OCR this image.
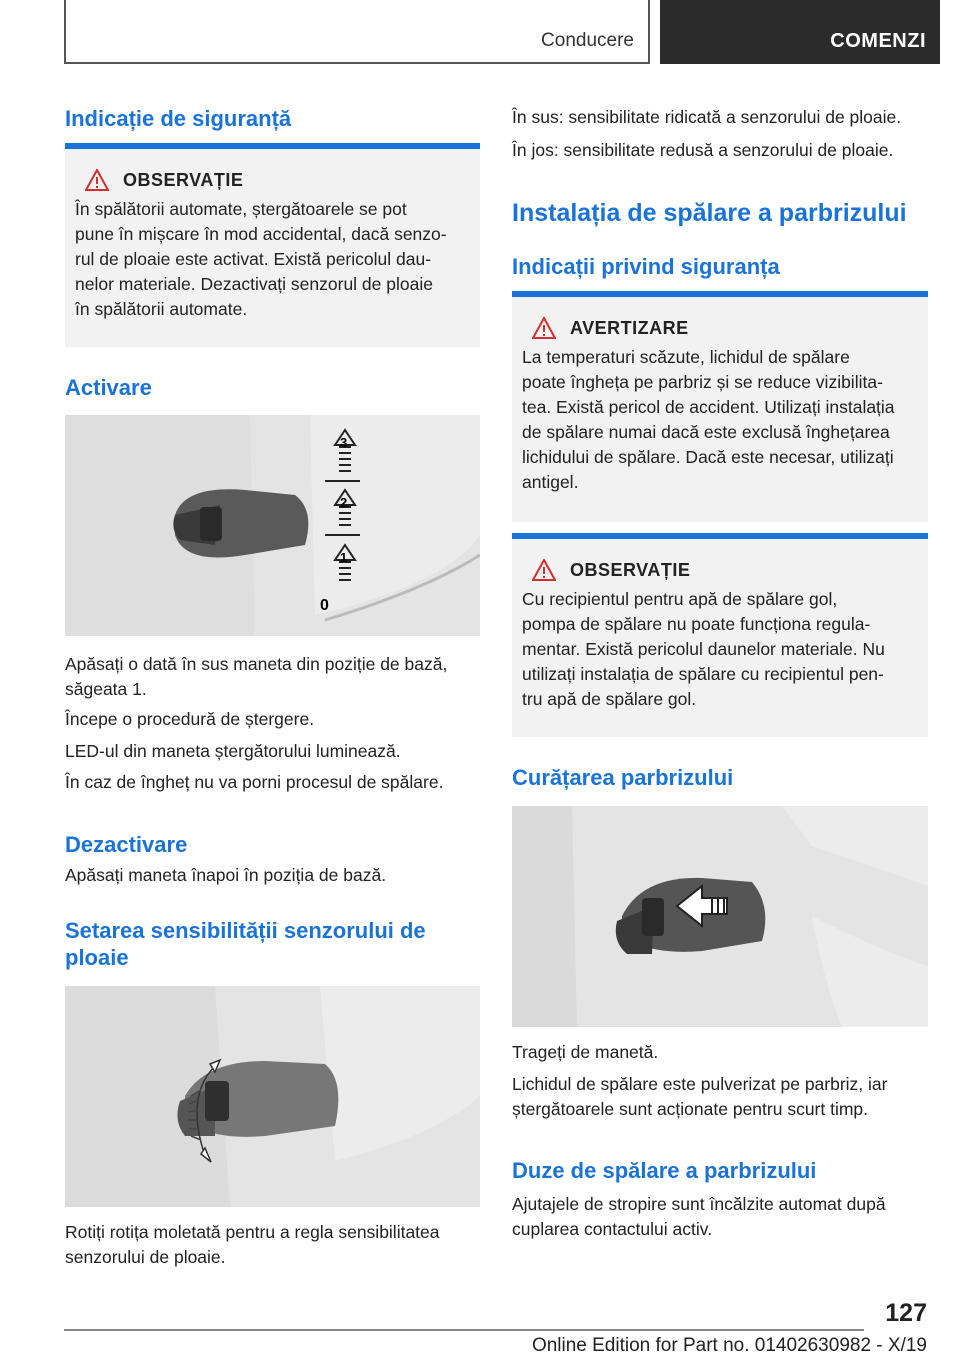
Conducere	COMENZI
Indicație de siguranță
OBSERVAȚIE
În spălătorii automate, ștergătoarele se pot
pune în mișcare în mod accidental, dacă senzo-
rul de ploaie este activat. Există pericolul dau-
nelor materiale. Dezactivați senzorul de ploaie
în spălătorii automate.
Activare
3
2
1
0
Apăsați o dată în sus maneta din poziție de bază,
săgeata 1.
Începe o procedură de ștergere.
LED-ul din maneta ștergătorului luminează.
În caz de îngheț nu va porni procesul de spălare.
Dezactivare
Apăsați maneta înapoi în poziția de bază.
Setarea sensibilității senzorului de
ploaie
Rotiți rotița moletată pentru a regla sensibilitatea
senzorului de ploaie.
În sus: sensibilitate ridicată a senzorului de ploaie.
În jos: sensibilitate redusă a senzorului de ploaie.
Instalația de spălare a parbrizului
Indicații privind siguranța
AVERTIZARE
La temperaturi scăzute, lichidul de spălare
poate îngheța pe parbriz și se reduce vizibilita-
tea. Există pericol de accident. Utilizați instalația
de spălare numai dacă este exclusă înghețarea
lichidului de spălare. Dacă este necesar, utilizați
antigel.
OBSERVAȚIE
Cu recipientul pentru apă de spălare gol,
pompa de spălare nu poate funcționa regula-
mentar. Există pericolul daunelor materiale. Nu
utilizați instalația de spălare cu recipientul pen-
tru apă de spălare gol.
Curățarea parbrizului
Trageți de manetă.
Lichidul de spălare este pulverizat pe parbriz, iar
ștergătoarele sunt acționate pentru scurt timp.
Duze de spălare a parbrizului
Ajutajele de stropire sunt încălzite automat după
cuplarea contactului activ.
127
Online Edition for Part no. 01402630982 - X/19
